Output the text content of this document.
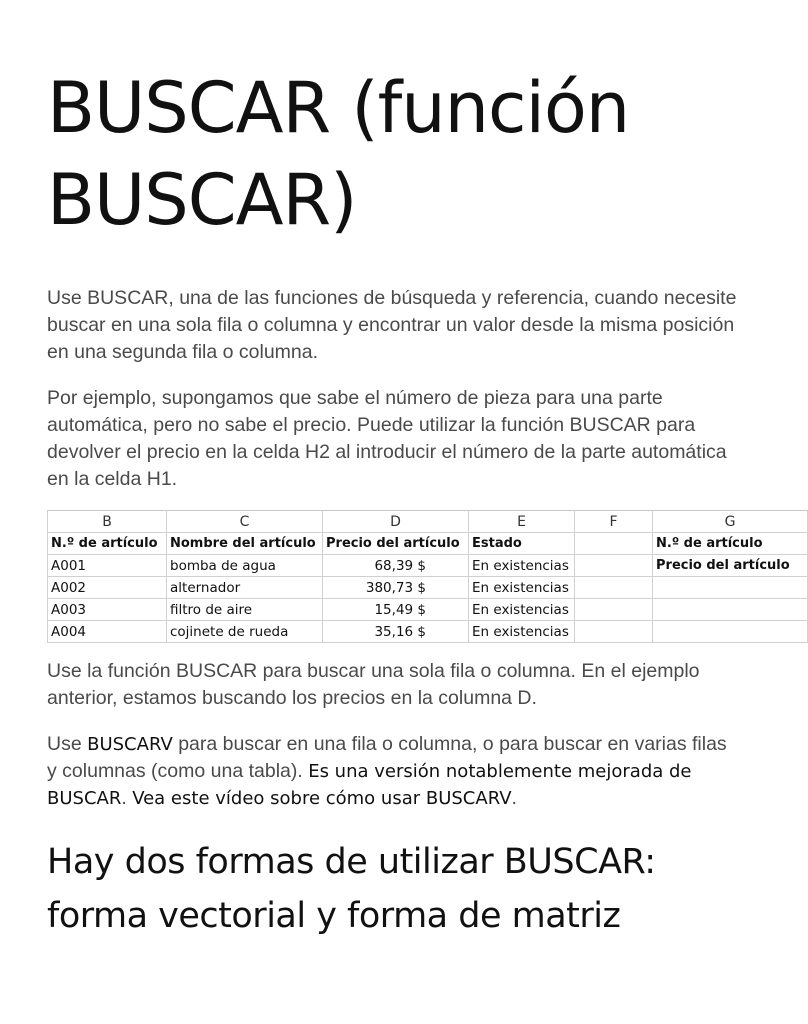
BUSCAR (función BUSCAR)

Use BUSCAR, una de las funciones de búsqueda y referencia, cuando necesite buscar en una sola fila o columna y encontrar un valor desde la misma posición en una segunda fila o columna.

Por ejemplo, supongamos que sabe el número de pieza para una parte automática, pero no sabe el precio. Puede utilizar la función BUSCAR para devolver el precio en la celda H2 al introducir el número de la parte automática en la celda H1.

B	C	D	E	F	G
N.º de artículo	Nombre del artículo	Precio del artículo	Estado		N.º de artículo
A001	bomba de agua	68,39 $	En existencias		Precio del artículo
A002	alternador	380,73 $	En existencias		
A003	filtro de aire	15,49 $	En existencias		
A004	cojinete de rueda	35,16 $	En existencias		

Use la función BUSCAR para buscar una sola fila o columna. En el ejemplo anterior, estamos buscando los precios en la columna D.

Use BUSCARV para buscar en una fila o columna, o para buscar en varias filas y columnas (como una tabla). Es una versión notablemente mejorada de BUSCAR. Vea este vídeo sobre cómo usar BUSCARV.

Hay dos formas de utilizar BUSCAR: forma vectorial y forma de matriz
